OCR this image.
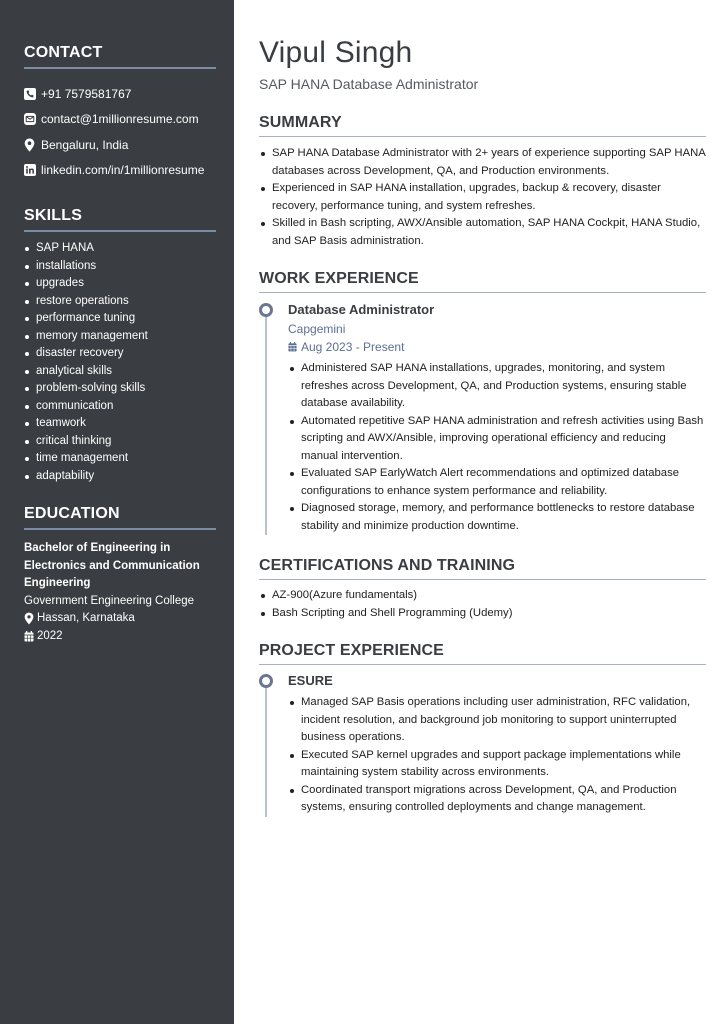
CONTACT
+91 7579581767
contact@1millionresume.com
Bengaluru, India
linkedin.com/in/1millionresume
SKILLS
SAP HANA
installations
upgrades
restore operations
performance tuning
memory management
disaster recovery
analytical skills
problem-solving skills
communication
teamwork
critical thinking
time management
adaptability
EDUCATION
Bachelor of Engineering in Electronics and Communication Engineering
Government Engineering College
Hassan, Karnataka
2022
Vipul Singh
SAP HANA Database Administrator
SUMMARY
SAP HANA Database Administrator with 2+ years of experience supporting SAP HANA databases across Development, QA, and Production environments.
Experienced in SAP HANA installation, upgrades, backup & recovery, disaster recovery, performance tuning, and system refreshes.
Skilled in Bash scripting, AWX/Ansible automation, SAP HANA Cockpit, HANA Studio, and SAP Basis administration.
WORK EXPERIENCE
Database Administrator
Capgemini
Aug 2023 - Present
Administered SAP HANA installations, upgrades, monitoring, and system refreshes across Development, QA, and Production systems, ensuring stable database availability.
Automated repetitive SAP HANA administration and refresh activities using Bash scripting and AWX/Ansible, improving operational efficiency and reducing manual intervention.
Evaluated SAP EarlyWatch Alert recommendations and optimized database configurations to enhance system performance and reliability.
Diagnosed storage, memory, and performance bottlenecks to restore database stability and minimize production downtime.
CERTIFICATIONS AND TRAINING
AZ-900(Azure fundamentals)
Bash Scripting and Shell Programming (Udemy)
PROJECT EXPERIENCE
ESURE
Managed SAP Basis operations including user administration, RFC validation, incident resolution, and background job monitoring to support uninterrupted business operations.
Executed SAP kernel upgrades and support package implementations while maintaining system stability across environments.
Coordinated transport migrations across Development, QA, and Production systems, ensuring controlled deployments and change management.
